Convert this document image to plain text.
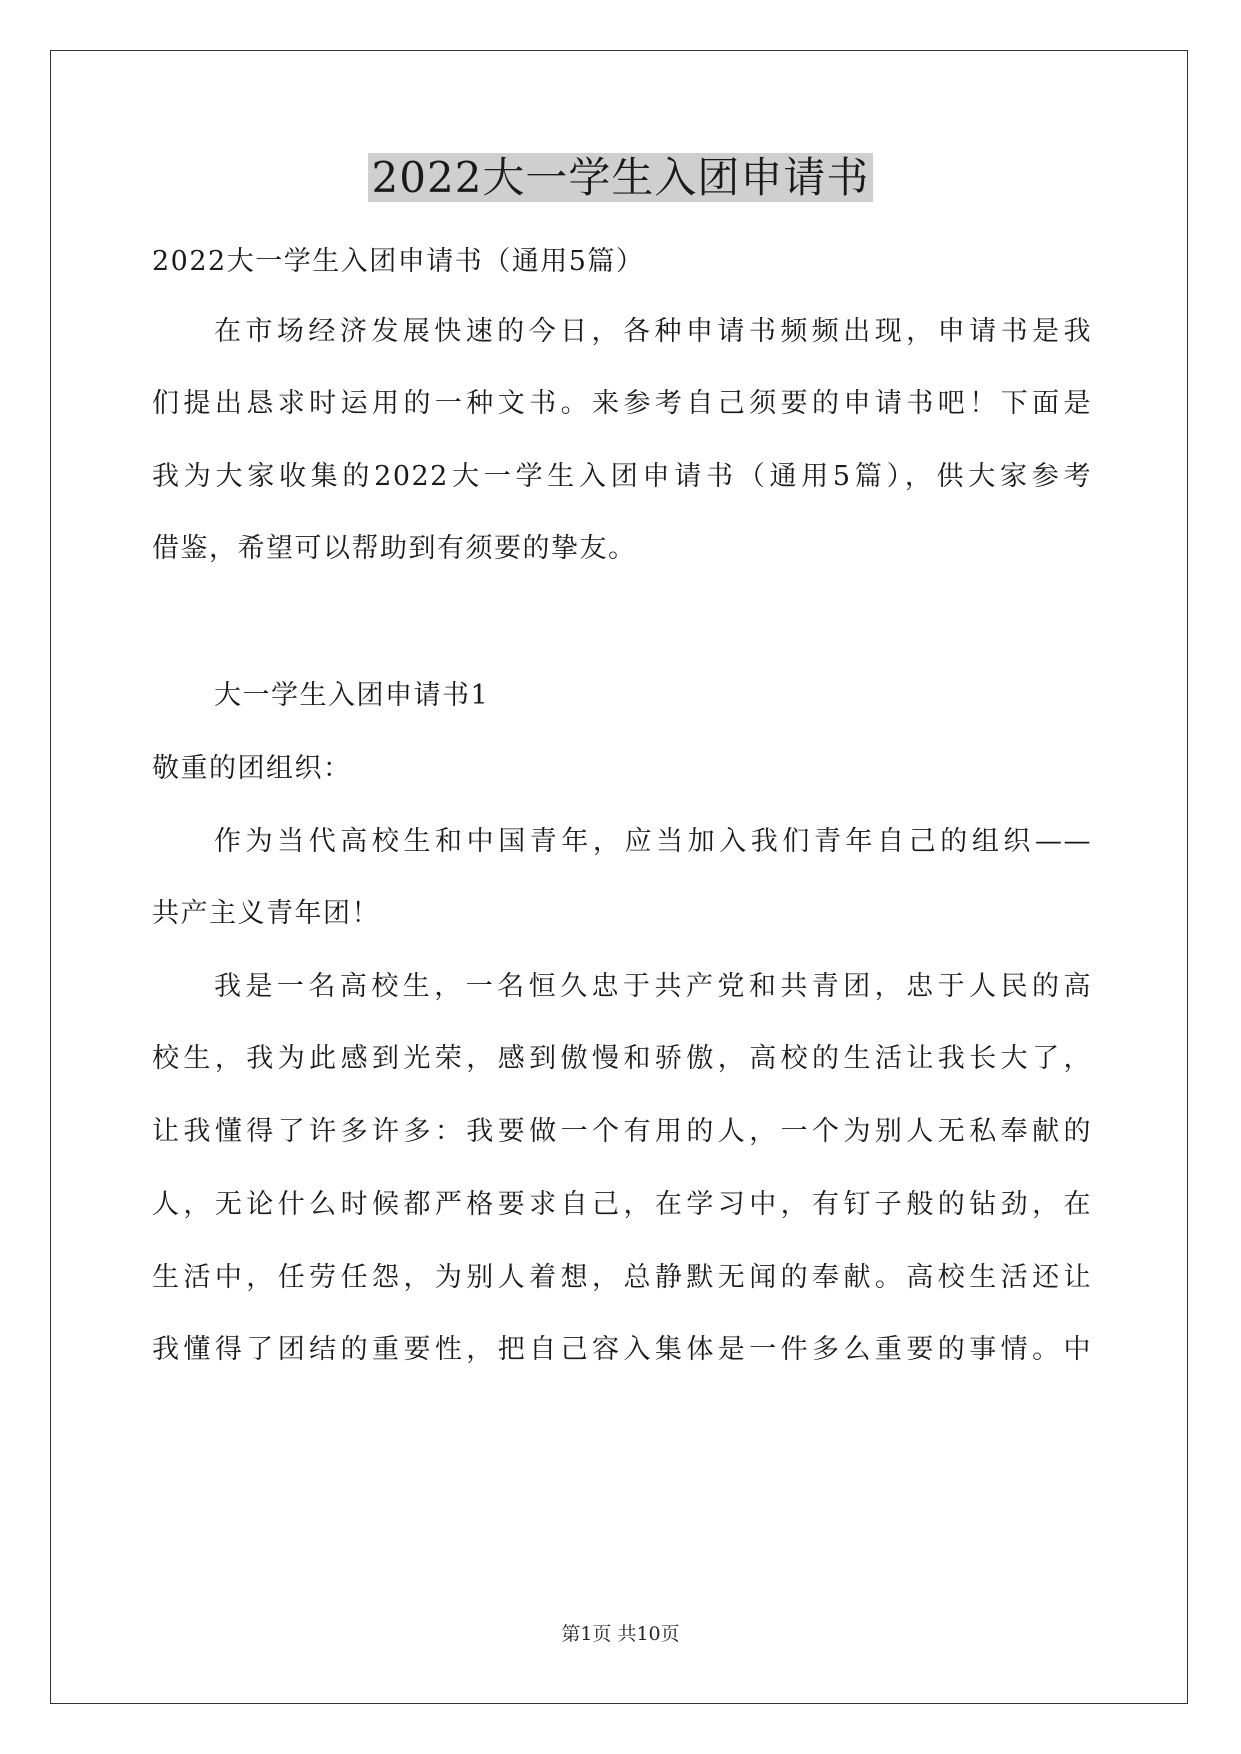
2022大一学生入团申请书
2022大一学生入团申请书（通用5篇）
在市场经济发展快速的今日，各种申请书频频出现，申请书是我
们提出恳求时运用的一种文书。来参考自己须要的申请书吧！下面是
我为大家收集的2022大一学生入团申请书（通用5篇），供大家参考
借鉴，希望可以帮助到有须要的挚友。
大一学生入团申请书1
敬重的团组织：
作为当代高校生和中国青年，应当加入我们青年自己的组织——
共产主义青年团！
我是一名高校生，一名恒久忠于共产党和共青团，忠于人民的高
校生，我为此感到光荣，感到傲慢和骄傲，高校的生活让我长大了，
让我懂得了许多许多：我要做一个有用的人，一个为别人无私奉献的
人，无论什么时候都严格要求自己，在学习中，有钉子般的钻劲，在
生活中，任劳任怨，为别人着想，总静默无闻的奉献。高校生活还让
我懂得了团结的重要性，把自己容入集体是一件多么重要的事情。中
第1页 共10页
